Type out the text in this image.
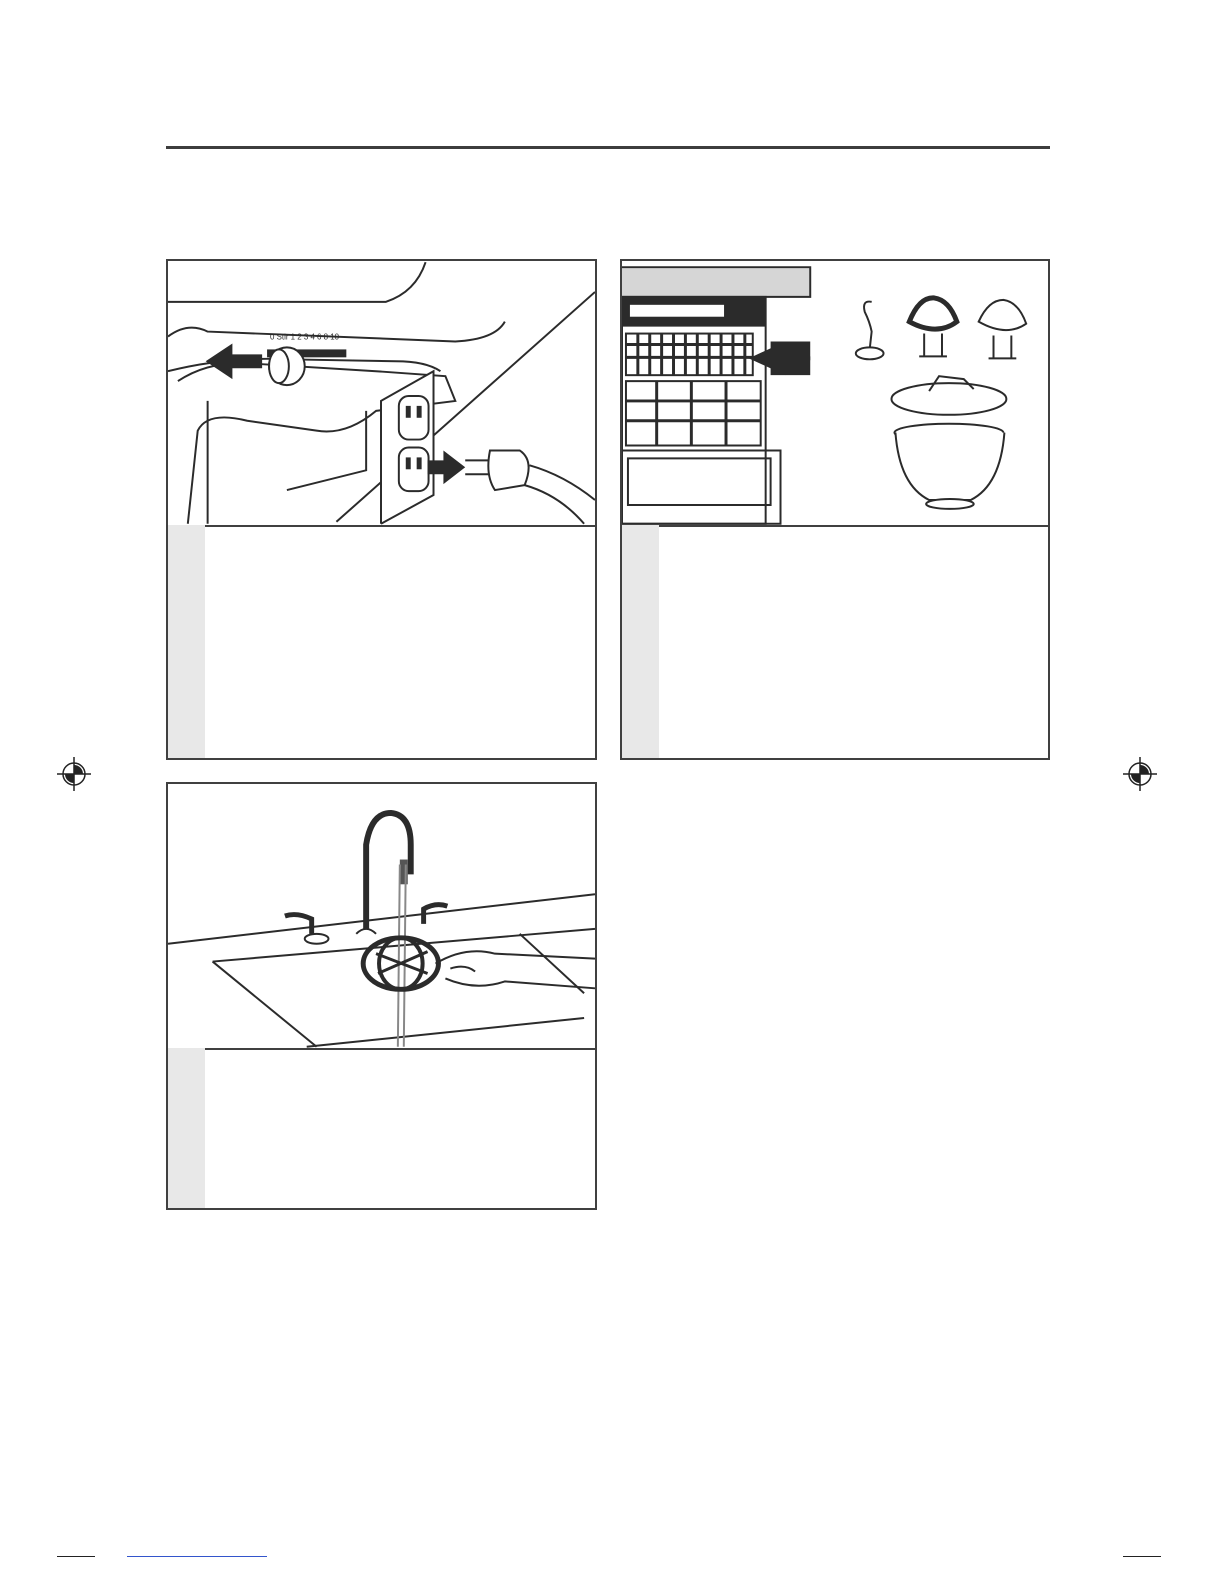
0 Stir 1 2 3 4 6 8 10
